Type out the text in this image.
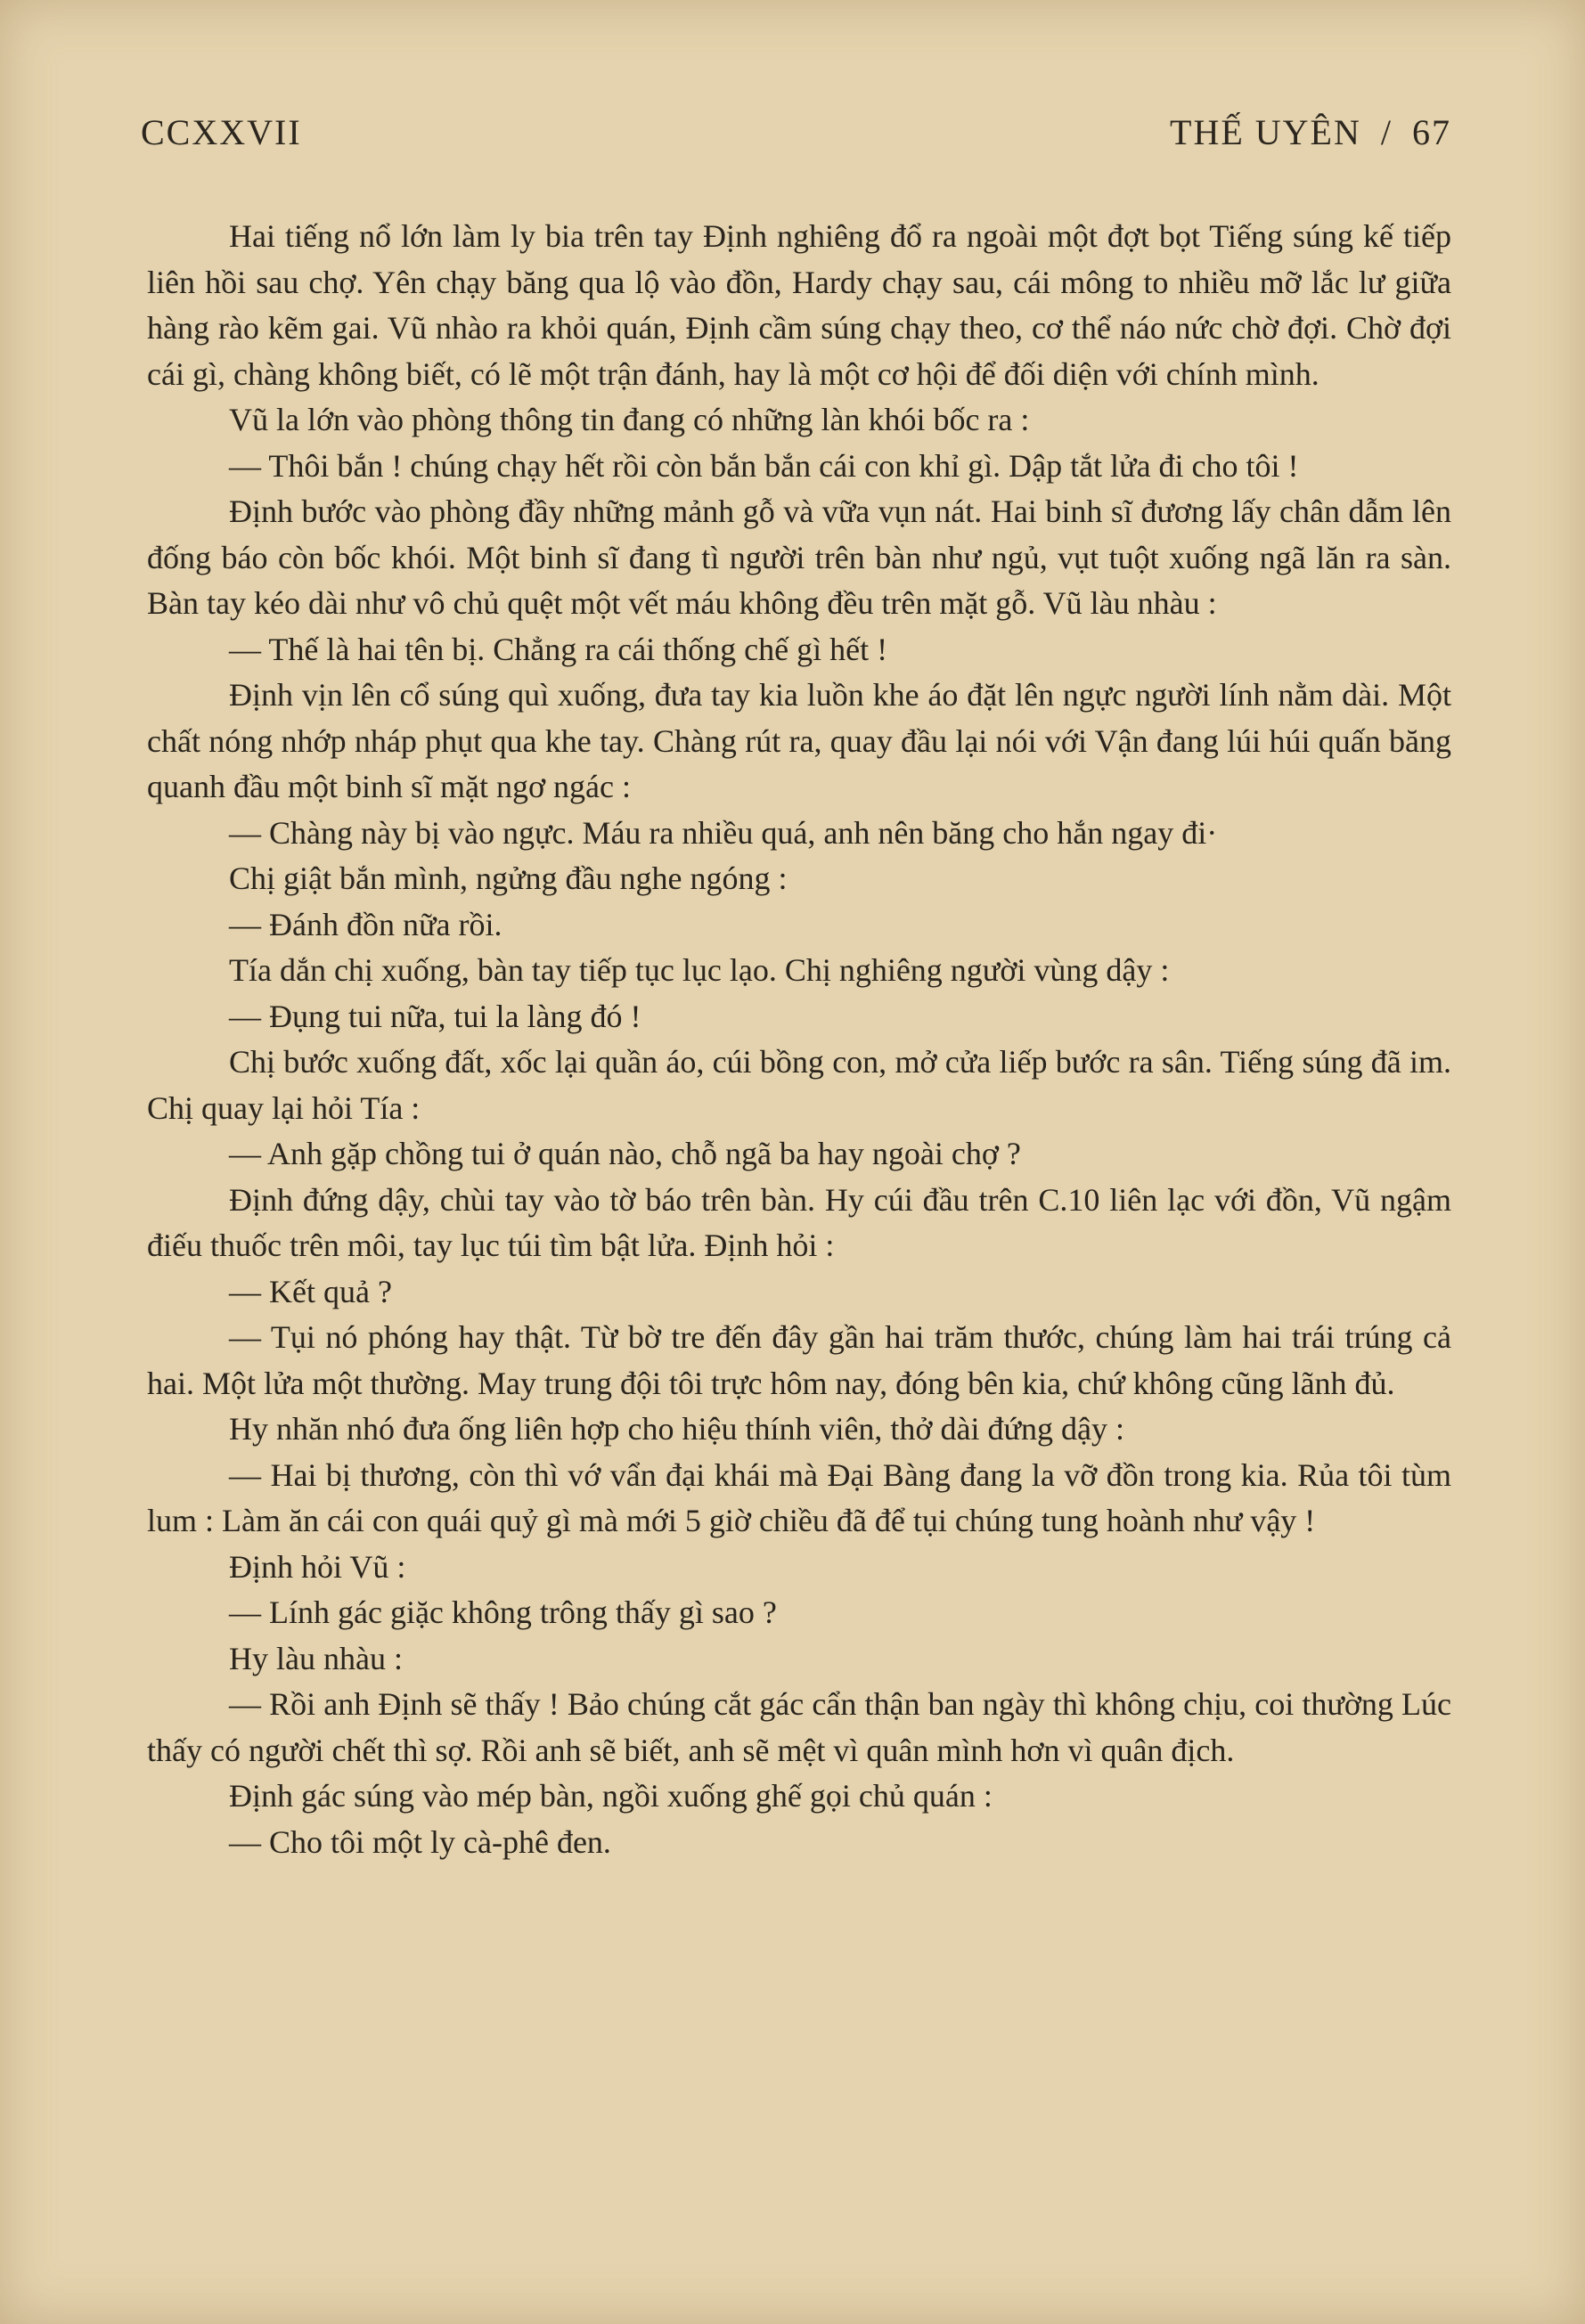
CCXXVII	THẾ UYÊN / 67

Hai tiếng nổ lớn làm ly bia trên tay Định nghiêng đổ ra ngoài một đợt bọt Tiếng súng kế tiếp liên hồi sau chợ. Yên chạy băng qua lộ vào đồn, Hardy chạy sau, cái mông to nhiều mỡ lắc lư giữa hàng rào kẽm gai. Vũ nhào ra khỏi quán, Định cầm súng chạy theo, cơ thể náo nức chờ đợi. Chờ đợi cái gì, chàng không biết, có lẽ một trận đánh, hay là một cơ hội để đối diện với chính mình.

Vũ la lớn vào phòng thông tin đang có những làn khói bốc ra :

— Thôi bắn ! chúng chạy hết rồi còn bắn bắn cái con khỉ gì. Dập tắt lửa đi cho tôi !

Định bước vào phòng đầy những mảnh gỗ và vữa vụn nát. Hai binh sĩ đương lấy chân dẫm lên đống báo còn bốc khói. Một binh sĩ đang tì người trên bàn như ngủ, vụt tuột xuống ngã lăn ra sàn. Bàn tay kéo dài như vô chủ quệt một vết máu không đều trên mặt gỗ. Vũ làu nhàu :

— Thế là hai tên bị. Chẳng ra cái thống chế gì hết !

Định vịn lên cổ súng quì xuống, đưa tay kia luồn khe áo đặt lên ngực người lính nằm dài. Một chất nóng nhớp nháp phụt qua khe tay. Chàng rút ra, quay đầu lại nói với Vận đang lúi húi quấn băng quanh đầu một binh sĩ mặt ngơ ngác :

— Chàng này bị vào ngực. Máu ra nhiều quá, anh nên băng cho hắn ngay đi·

Chị giật bắn mình, ngửng đầu nghe ngóng :

— Đánh đồn nữa rồi.

Tía dắn chị xuống, bàn tay tiếp tục lục lạo. Chị nghiêng người vùng dậy :

— Đụng tui nữa, tui la làng đó !

Chị bước xuống đất, xốc lại quần áo, cúi bồng con, mở cửa liếp bước ra sân. Tiếng súng đã im. Chị quay lại hỏi Tía :

— Anh gặp chồng tui ở quán nào, chỗ ngã ba hay ngoài chợ ?

Định đứng dậy, chùi tay vào tờ báo trên bàn. Hy cúi đầu trên C.10 liên lạc với đồn, Vũ ngậm điếu thuốc trên môi, tay lục túi tìm bật lửa. Định hỏi :

— Kết quả ?

— Tụi nó phóng hay thật. Từ bờ tre đến đây gần hai trăm thước, chúng làm hai trái trúng cả hai. Một lửa một thường. May trung đội tôi trực hôm nay, đóng bên kia, chứ không cũng lãnh đủ.

Hy nhăn nhó đưa ống liên hợp cho hiệu thính viên, thở dài đứng dậy :

— Hai bị thương, còn thì vớ vẩn đại khái mà Đại Bàng đang la vỡ đồn trong kia. Rủa tôi tùm lum : Làm ăn cái con quái quỷ gì mà mới 5 giờ chiều đã để tụi chúng tung hoành như vậy !

Định hỏi Vũ :

— Lính gác giặc không trông thấy gì sao ?

Hy làu nhàu :

— Rồi anh Định sẽ thấy ! Bảo chúng cắt gác cẩn thận ban ngày thì không chịu, coi thường Lúc thấy có người chết thì sợ. Rồi anh sẽ biết, anh sẽ mệt vì quân mình hơn vì quân địch.

Định gác súng vào mép bàn, ngồi xuống ghế gọi chủ quán :

— Cho tôi một ly cà-phê đen.
